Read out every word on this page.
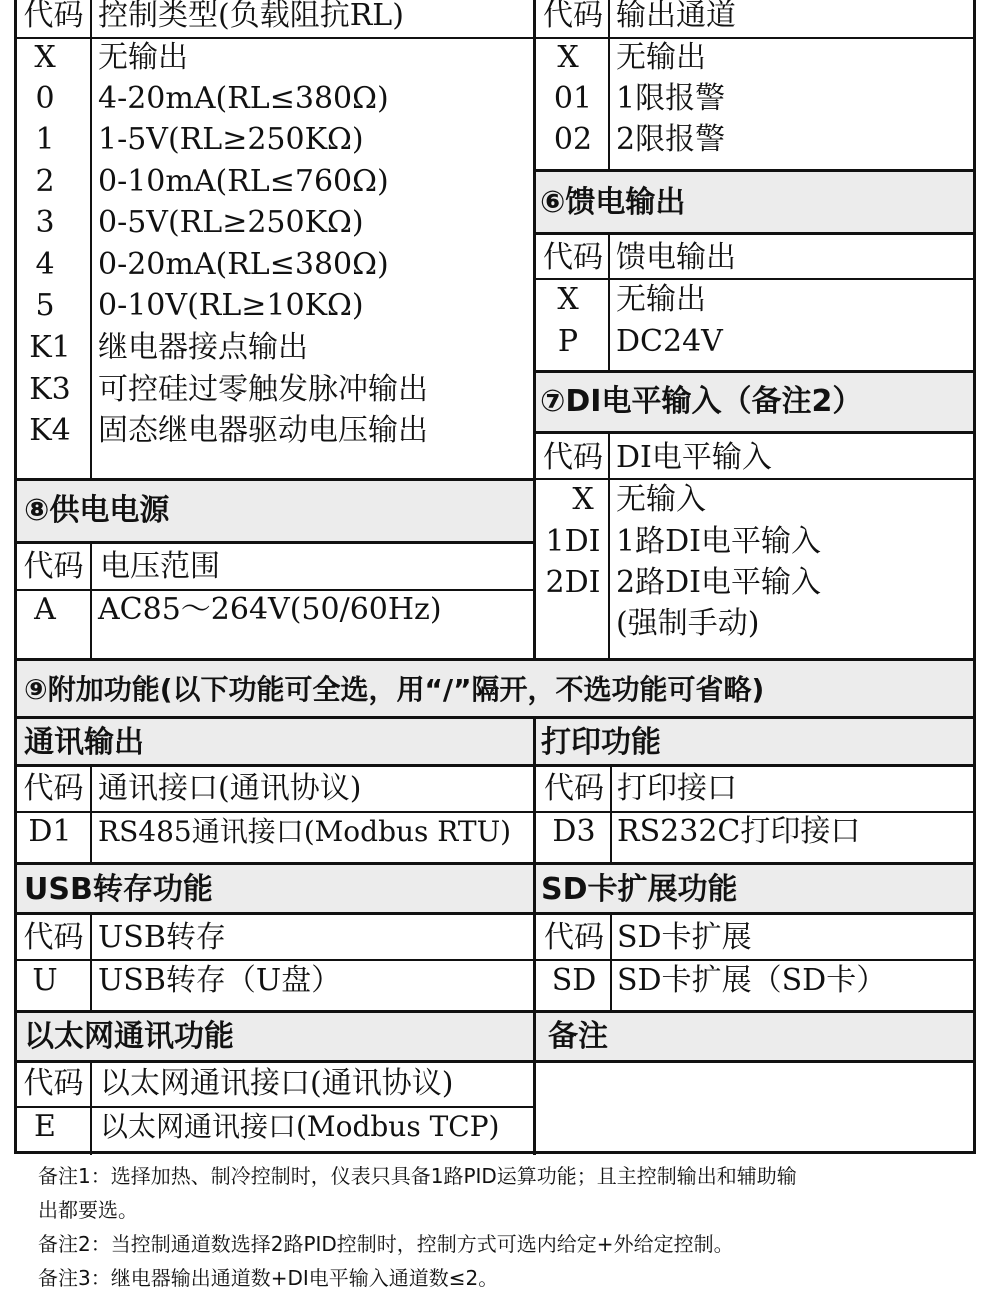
代码 控制类型(负载阻抗RL)
X	无输出
0	4-20mA(RL≤380Ω)
1	1-5V(RL≥250KΩ)
2	0-10mA(RL≤760Ω)
3	0-5V(RL≥250KΩ)
4	0-20mA(RL≤380Ω)
5	0-10V(RL≥10KΩ)
K1 继电器接点输出
K3 可控硅过零触发脉冲输出
K4 固态继电器驱动电压输出
代码 输出通道
X	无输出
01 1限报警
02 2限报警
⑥馈电输出
代码 馈电输出
X	无输出
P	DC24V
⑦DI电平输入（备注2）
代码 DI电平输入
X 无输入
1DI 1路DI电平输入
2DI 2路DI电平输入
(强制手动)
⑧供电电源
代码 电压范围
A	AC85～264V(50/60Hz)
⑨附加功能(以下功能可全选，用“/”隔开，不选功能可省略)
通讯输出
代码 通讯接口(通讯协议)
D1 RS485通讯接口(Modbus RTU)
打印功能
代码 打印接口
D3 RS232C打印接口
USB转存功能
代码 USB转存
U	USB转存（U盘）
SD卡扩展功能
代码 SD卡扩展
SD SD卡扩展（SD卡）
以太网通讯功能
代码 以太网通讯接口(通讯协议)
E	以太网通讯接口(Modbus TCP)
备注
备注1：选择加热、制冷控制时，仪表只具备1路PID运算功能；且主控制输出和辅助输
出都要选。
备注2：当控制通道数选择2路PID控制时，控制方式可选内给定+外给定控制。
备注3：继电器输出通道数+DI电平输入通道数≤2。
